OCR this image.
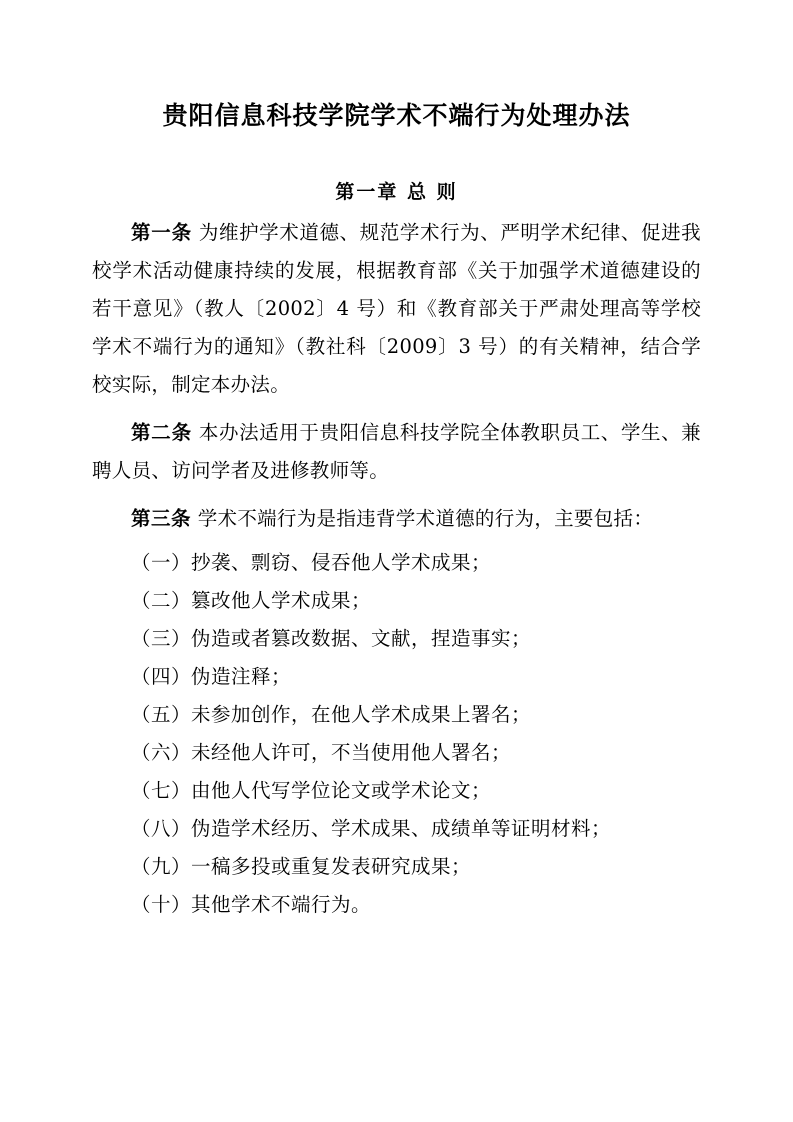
贵阳信息科技学院学术不端行为处理办法
第一章 总 则

第一条 为维护学术道德、规范学术行为、严明学术纪律、促进我校学术活动健康持续的发展，根据教育部《关于加强学术道德建设的若干意见》（教人〔2002〕4 号）和《教育部关于严肃处理高等学校学术不端行为的通知》（教社科〔2009〕3 号）的有关精神，结合学校实际，制定本办法。

第二条 本办法适用于贵阳信息科技学院全体教职员工、学生、兼聘人员、访问学者及进修教师等。

第三条 学术不端行为是指违背学术道德的行为，主要包括：

（一）抄袭、剽窃、侵吞他人学术成果；

（二）篡改他人学术成果；

（三）伪造或者篡改数据、文献，捏造事实；

（四）伪造注释；

（五）未参加创作，在他人学术成果上署名；

（六）未经他人许可，不当使用他人署名；

（七）由他人代写学位论文或学术论文；

（八）伪造学术经历、学术成果、成绩单等证明材料；

（九）一稿多投或重复发表研究成果；

（十）其他学术不端行为。
